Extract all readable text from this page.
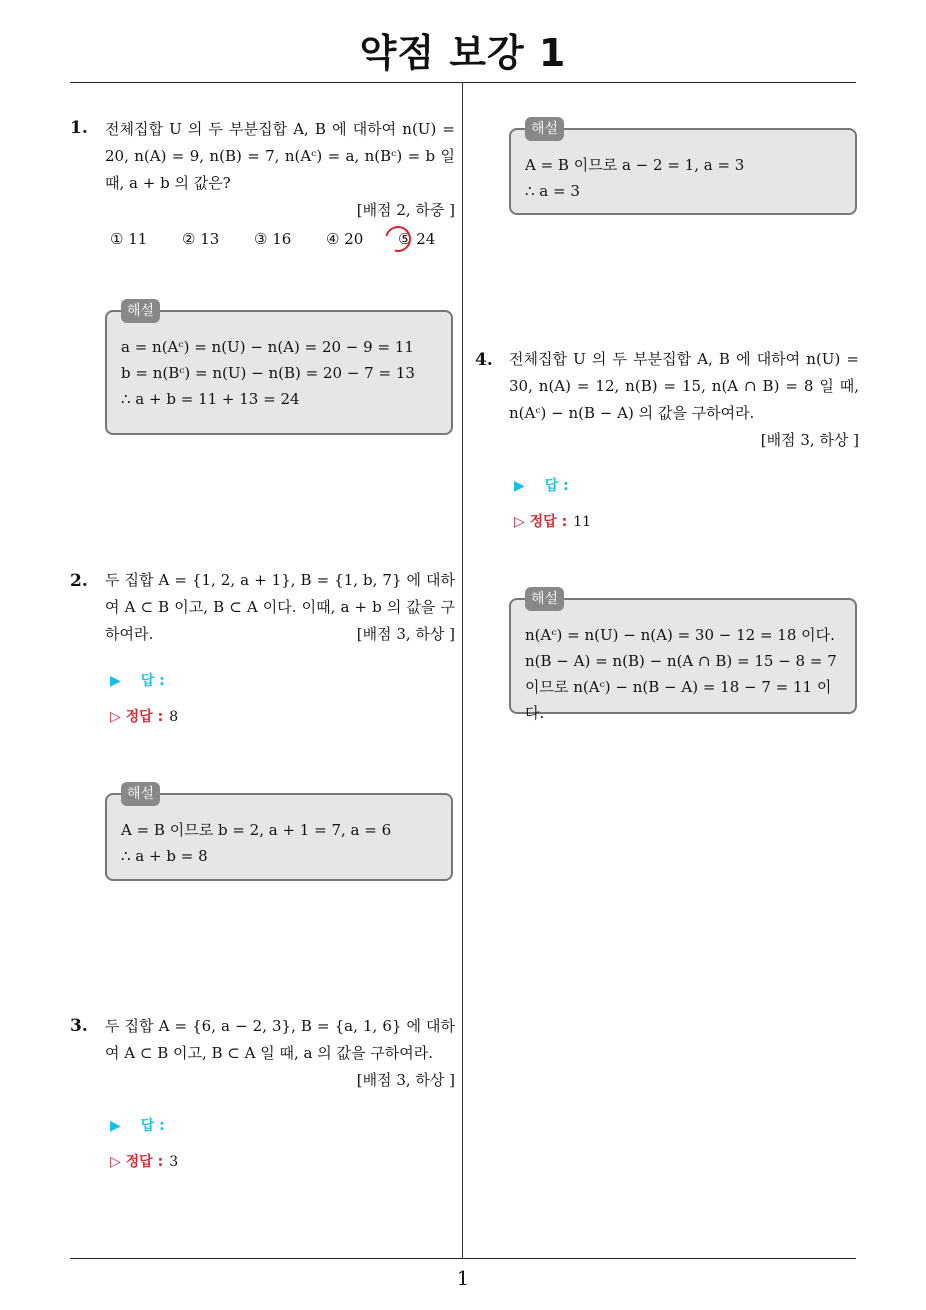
약점 보강 1
1. 전체집합 U 의 두 부분집합 A, B 에 대하여 n(U) = 20, n(A) = 9, n(B) = 7, n(Aᶜ) = a, n(Bᶜ) = b 일 때, a + b 의 값은?
[배점 2, 하중 ]
① 11 ② 13 ③ 16 ④ 20 ⑤ 24
해설
a = n(Aᶜ) = n(U) − n(A) = 20 − 9 = 11
b = n(Bᶜ) = n(U) − n(B) = 20 − 7 = 13
∴ a + b = 11 + 13 = 24
2. 두 집합 A = {1, 2, a + 1}, B = {1, b, 7} 에 대하여 A ⊂ B 이고, B ⊂ A 이다. 이때, a + b 의 값을 구하여라.	[배점 3, 하상 ]
▶ 답 :
▷ 정답 : 8
해설
A = B 이므로 b = 2, a + 1 = 7, a = 6
∴ a + b = 8
3. 두 집합 A = {6, a − 2, 3}, B = {a, 1, 6} 에 대하여 A ⊂ B 이고, B ⊂ A 일 때, a 의 값을 구하여라.
[배점 3, 하상 ]
▶ 답 :
▷ 정답 : 3
해설
A = B 이므로 a − 2 = 1, a = 3
∴ a = 3
4. 전체집합 U 의 두 부분집합 A, B 에 대하여 n(U) = 30, n(A) = 12, n(B) = 15, n(A ∩ B) = 8 일 때, n(Aᶜ) − n(B − A) 의 값을 구하여라.
[배점 3, 하상 ]
▶ 답 :
▷ 정답 : 11
해설
n(Aᶜ) = n(U) − n(A) = 30 − 12 = 18 이다.
n(B − A) = n(B) − n(A ∩ B) = 15 − 8 = 7
이므로 n(Aᶜ) − n(B − A) = 18 − 7 = 11 이다.
1
